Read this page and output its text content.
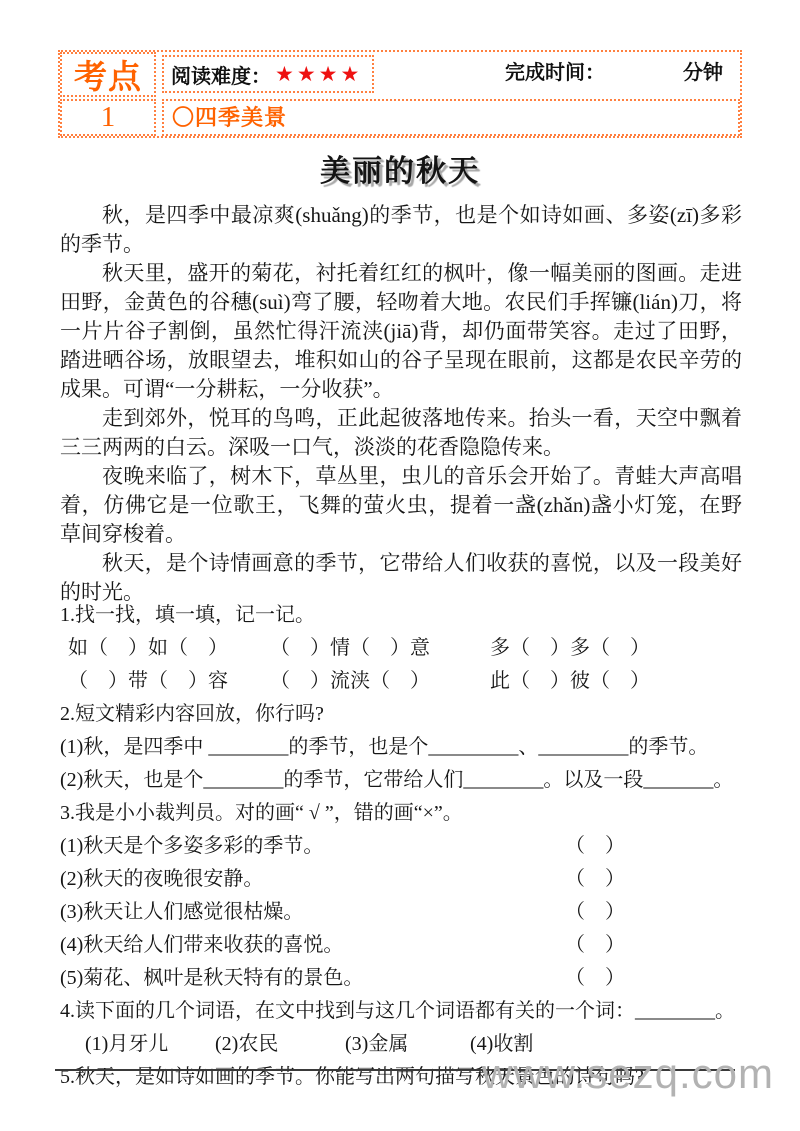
考点
1
阅读难度： ★★★★	完成时间：	分钟
〇四季美景
美丽的秋天

秋，是四季中最凉爽(shuǎng)的季节，也是个如诗如画、多姿(zī)多彩的季节。

秋天里，盛开的菊花，衬托着红红的枫叶，像一幅美丽的图画。走进田野，金黄色的谷穗(suì)弯了腰，轻吻着大地。农民们手挥镰(lián)刀，将一片片谷子割倒，虽然忙得汗流浃(jiā)背，却仍面带笑容。走过了田野，踏进晒谷场，放眼望去，堆积如山的谷子呈现在眼前，这都是农民辛劳的成果。可谓“一分耕耘，一分收获”。

走到郊外，悦耳的鸟鸣，正此起彼落地传来。抬头一看，天空中飘着三三两两的白云。深吸一口气，淡淡的花香隐隐传来。

夜晚来临了，树木下，草丛里，虫儿的音乐会开始了。青蛙大声高唱着，仿佛它是一位歌王，飞舞的萤火虫，提着一盏(zhǎn)盏小灯笼，在野草间穿梭着。

秋天，是个诗情画意的季节，它带给人们收获的喜悦，以及一段美好的时光。

1.找一找，填一填，记一记。
如（　）如（　） （　）情（　）意	多（　）多（　）
（　）带（　）容 （　）流浃（　）	此（　）彼（　）
2.短文精彩内容回放，你行吗?
(1)秋，是四季中 ________的季节，也是个_________、_________的季节。
(2)秋天，也是个________的季节，它带给人们________。以及一段_______。
3.我是小小裁判员。对的画“ √ ”，错的画“×”。
(1)秋天是个多姿多彩的季节。	（　）
(2)秋天的夜晚很安静。	（　）
(3)秋天让人们感觉很枯燥。	（　）
(4)秋天给人们带来收获的喜悦。	（　）
(5)菊花、枫叶是秋天特有的景色。	（　）
4.读下面的几个词语，在文中找到与这几个词语都有关的一个词：________。
(1)月牙儿 (2)农民	(3)金属	(4)收割
5.秋天，是如诗如画的季节。你能写出两句描写秋天景色的诗句吗?
www.sezq.com
